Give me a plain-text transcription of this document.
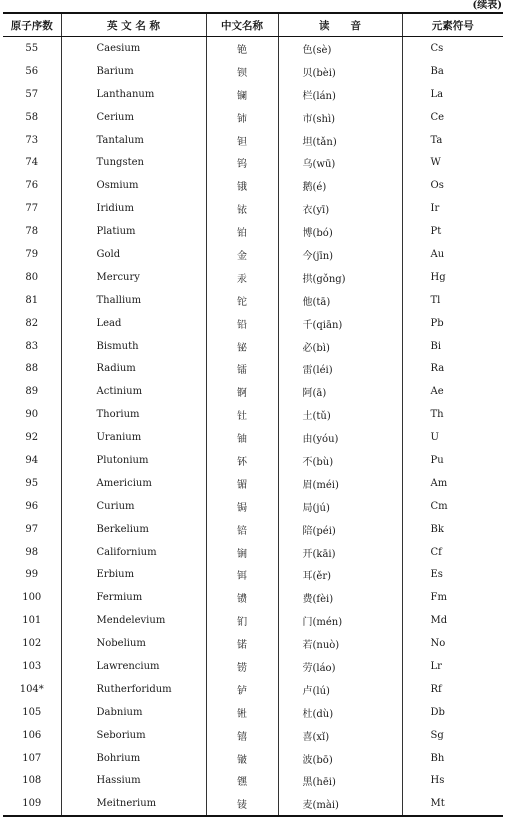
(续表)
原子序数	英 文 名 称	中文名称	读　　音	元素符号
55	Caesium	铯	色(sè)	Cs
56	Barium	钡	贝(bèi)	Ba
57	Lanthanum	镧	栏(lán)	La
58	Cerium	铈	市(shì)	Ce
73	Tantalum	钽	坦(tǎn)	Ta
74	Tungsten	钨	乌(wū)	W
76	Osmium	锇	鹅(é)	Os
77	Iridium	铱	衣(yī)	Ir
78	Platium	铂	博(bó)	Pt
79	Gold	金	今(jīn)	Au
80	Mercury	汞	拱(gǒng)	Hg
81	Thallium	铊	他(tā)	Tl
82	Lead	铅	千(qiān)	Pb
83	Bismuth	铋	必(bì)	Bi
88	Radium	镭	雷(léi)	Ra
89	Actinium	锕	阿(ā)	Ae
90	Thorium	钍	土(tǔ)	Th
92	Uranium	铀	由(yóu)	U
94	Plutonium	钚	不(bù)	Pu
95	Americium	镅	眉(méi)	Am
96	Curium	锔	局(jú)	Cm
97	Berkelium	锫	陪(péi)	Bk
98	Californium	锎	开(kāi)	Cf
99	Erbium	铒	耳(ěr)	Es
100	Fermium	镄	费(fèi)	Fm
101	Mendelevium	钔	门(mén)	Md
102	Nobelium	锘	若(nuò)	No
103	Lawrencium	铹	劳(láo)	Lr
104*	Rutherforidum	𬬻	卢(lú)	Rf
105	Dabnium	𬭊	杜(dù)	Db
106	Seborium	𬭳	喜(xǐ)	Sg
107	Bohrium	𬭛	波(bō)	Bh
108	Hassium	𬭶	黑(hēi)	Hs
109	Meitnerium	鿏	麦(mài)	Mt
